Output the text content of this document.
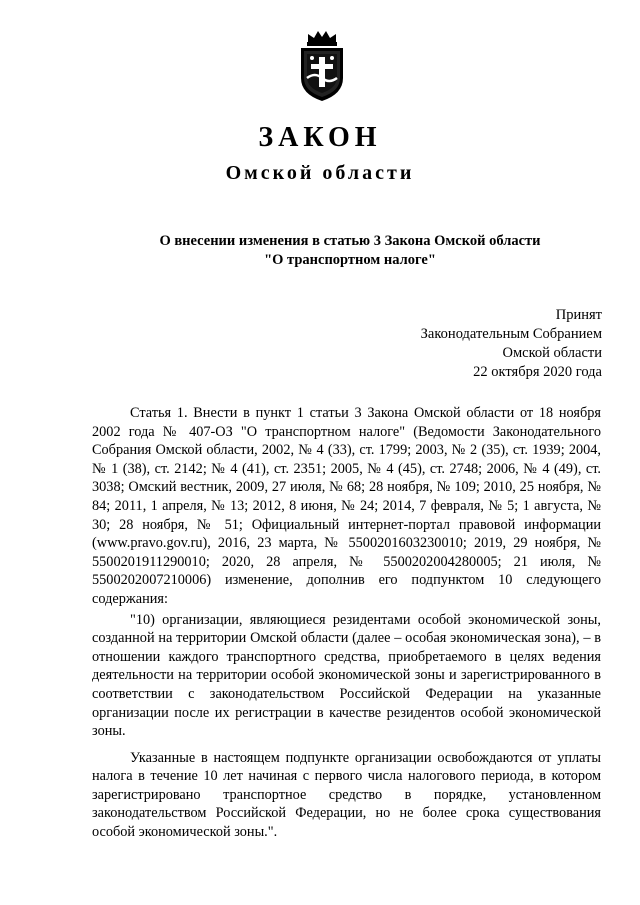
ЗАКОН
Омской области
О внесении изменения в статью 3 Закона Омской области
"О транспортном налоге"
Принят
Законодательным Собранием
Омской области
22 октября 2020 года

Статья 1. Внести в пункт 1 статьи 3 Закона Омской области от 18 ноября 2002 года № 407-ОЗ "О транспортном налоге" (Ведомости Законодательного Собрания Омской области, 2002, № 4 (33), ст. 1799; 2003, № 2 (35), ст. 1939; 2004, № 1 (38), ст. 2142; № 4 (41), ст. 2351; 2005, № 4 (45), ст. 2748; 2006, № 4 (49), ст. 3038; Омский вестник, 2009, 27 июля, № 68; 28 ноября, № 109; 2010, 25 ноября, № 84; 2011, 1 апреля, № 13; 2012, 8 июня, № 24; 2014, 7 февраля, № 5; 1 августа, № 30; 28 ноября, № 51; Официальный интернет-портал правовой информации (www.pravo.gov.ru), 2016, 23 марта, № 5500201603230010; 2019, 29 ноября, № 5500201911290010; 2020, 28 апреля, № 5500202004280005; 21 июля, № 5500202007210006) изменение, дополнив его подпунктом 10 следующего содержания:

"10) организации, являющиеся резидентами особой экономической зоны, созданной на территории Омской области (далее – особая экономическая зона), – в отношении каждого транспортного средства, приобретаемого в целях ведения деятельности на территории особой экономической зоны и зарегистрированного в соответствии с законодательством Российской Федерации на указанные организации после их регистрации в качестве резидентов особой экономической зоны.

Указанные в настоящем подпункте организации освобождаются от уплаты налога в течение 10 лет начиная с первого числа налогового периода, в котором зарегистрировано транспортное средство в порядке, установленном законодательством Российской Федерации, но не более срока существования особой экономической зоны.".
